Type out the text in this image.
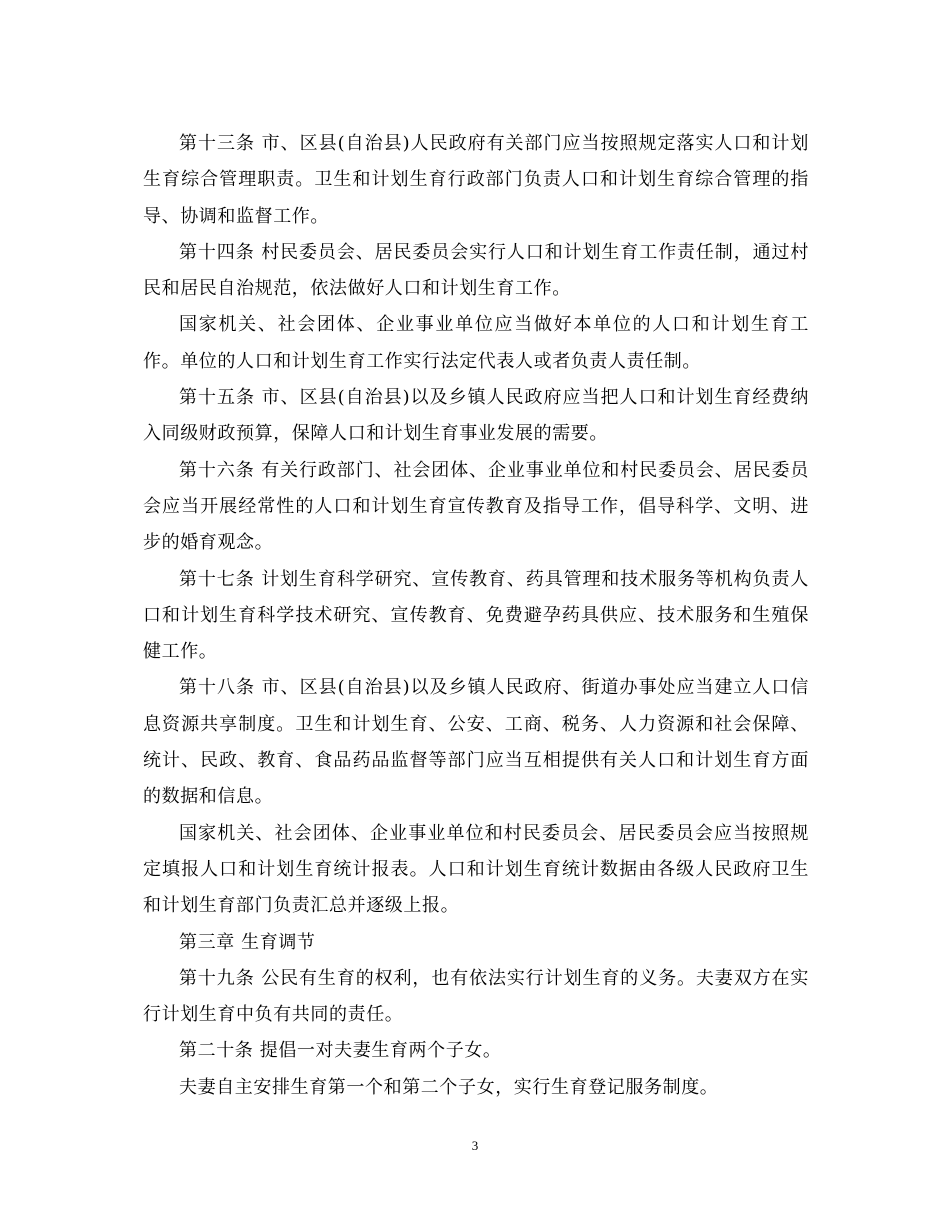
第十三条 市、区县(自治县)人民政府有关部门应当按照规定落实人口和计划生育综合管理职责。卫生和计划生育行政部门负责人口和计划生育综合管理的指导、协调和监督工作。

第十四条 村民委员会、居民委员会实行人口和计划生育工作责任制，通过村民和居民自治规范，依法做好人口和计划生育工作。

国家机关、社会团体、企业事业单位应当做好本单位的人口和计划生育工作。单位的人口和计划生育工作实行法定代表人或者负责人责任制。

第十五条 市、区县(自治县)以及乡镇人民政府应当把人口和计划生育经费纳入同级财政预算，保障人口和计划生育事业发展的需要。

第十六条 有关行政部门、社会团体、企业事业单位和村民委员会、居民委员会应当开展经常性的人口和计划生育宣传教育及指导工作，倡导科学、文明、进步的婚育观念。

第十七条 计划生育科学研究、宣传教育、药具管理和技术服务等机构负责人口和计划生育科学技术研究、宣传教育、免费避孕药具供应、技术服务和生殖保健工作。

第十八条 市、区县(自治县)以及乡镇人民政府、街道办事处应当建立人口信息资源共享制度。卫生和计划生育、公安、工商、税务、人力资源和社会保障、统计、民政、教育、食品药品监督等部门应当互相提供有关人口和计划生育方面的数据和信息。

国家机关、社会团体、企业事业单位和村民委员会、居民委员会应当按照规定填报人口和计划生育统计报表。人口和计划生育统计数据由各级人民政府卫生和计划生育部门负责汇总并逐级上报。

第三章 生育调节

第十九条 公民有生育的权利，也有依法实行计划生育的义务。夫妻双方在实行计划生育中负有共同的责任。

第二十条 提倡一对夫妻生育两个子女。

夫妻自主安排生育第一个和第二个子女，实行生育登记服务制度。

3
